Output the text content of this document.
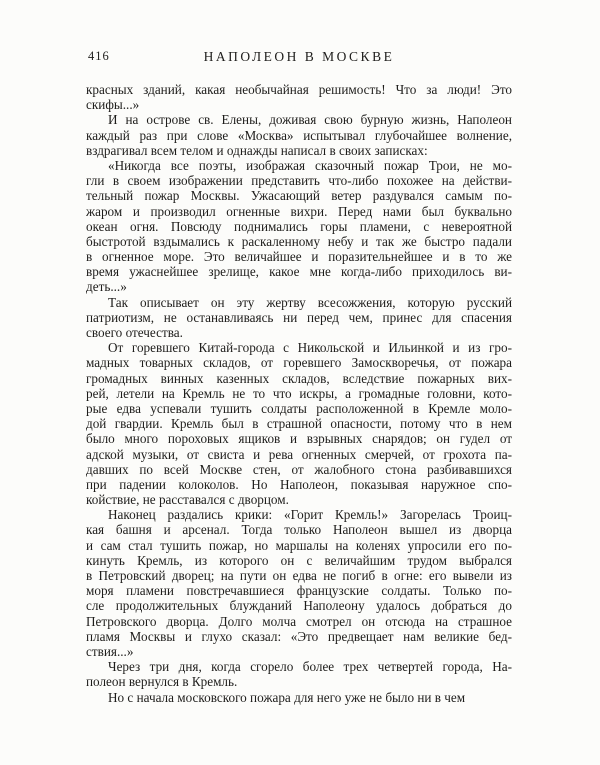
416	НАПОЛЕОН В МОСКВЕ
красных зданий, какая необычайная решимость! Что за люди! Это
скифы...»
И на острове св. Елены, доживая свою бурную жизнь, Наполеон
каждый раз при слове «Москва» испытывал глубочайшее волнение,
вздрагивал всем телом и однажды написал в своих записках:
«Никогда все поэты, изображая сказочный пожар Трои, не мо-
гли в своем изображении представить что-либо похожее на действи-
тельный пожар Москвы. Ужасающий ветер раздувался самым по-
жаром и производил огненные вихри. Перед нами был буквально
океан огня. Повсюду поднимались горы пламени, с невероятной
быстротой вздымались к раскаленному небу и так же быстро падали
в огненное море. Это величайшее и поразительнейшее и в то же
время ужаснейшее зрелище, какое мне когда-либо приходилось ви-
деть...»
Так описывает он эту жертву всесожжения, которую русский
патриотизм, не останавливаясь ни перед чем, принес для спасения
своего отечества.
От горевшего Китай-города с Никольской и Ильинкой и из гро-
мадных товарных складов, от горевшего Замоскворечья, от пожара
громадных винных казенных складов, вследствие пожарных вих-
рей, летели на Кремль не то что искры, а громадные головни, кото-
рые едва успевали тушить солдаты расположенной в Кремле моло-
дой гвардии. Кремль был в страшной опасности, потому что в нем
было много пороховых ящиков и взрывных снарядов; он гудел от
адской музыки, от свиста и рева огненных смерчей, от грохота па-
давших по всей Москве стен, от жалобного стона разбивавшихся
при падении колоколов. Но Наполеон, показывая наружное спо-
койствие, не расставался с дворцом.
Наконец раздались крики: «Горит Кремль!» Загорелась Троиц-
кая башня и арсенал. Тогда только Наполеон вышел из дворца
и сам стал тушить пожар, но маршалы на коленях упросили его по-
кинуть Кремль, из которого он с величайшим трудом выбрался
в Петровский дворец; на пути он едва не погиб в огне: его вывели из
моря пламени повстречавшиеся французские солдаты. Только по-
сле продолжительных блужданий Наполеону удалось добраться до
Петровского дворца. Долго молча смотрел он отсюда на страшное
пламя Москвы и глухо сказал: «Это предвещает нам великие бед-
ствия...»
Через три дня, когда сгорело более трех четвертей города, На-
полеон вернулся в Кремль.
Но с начала московского пожара для него уже не было ни в чем
